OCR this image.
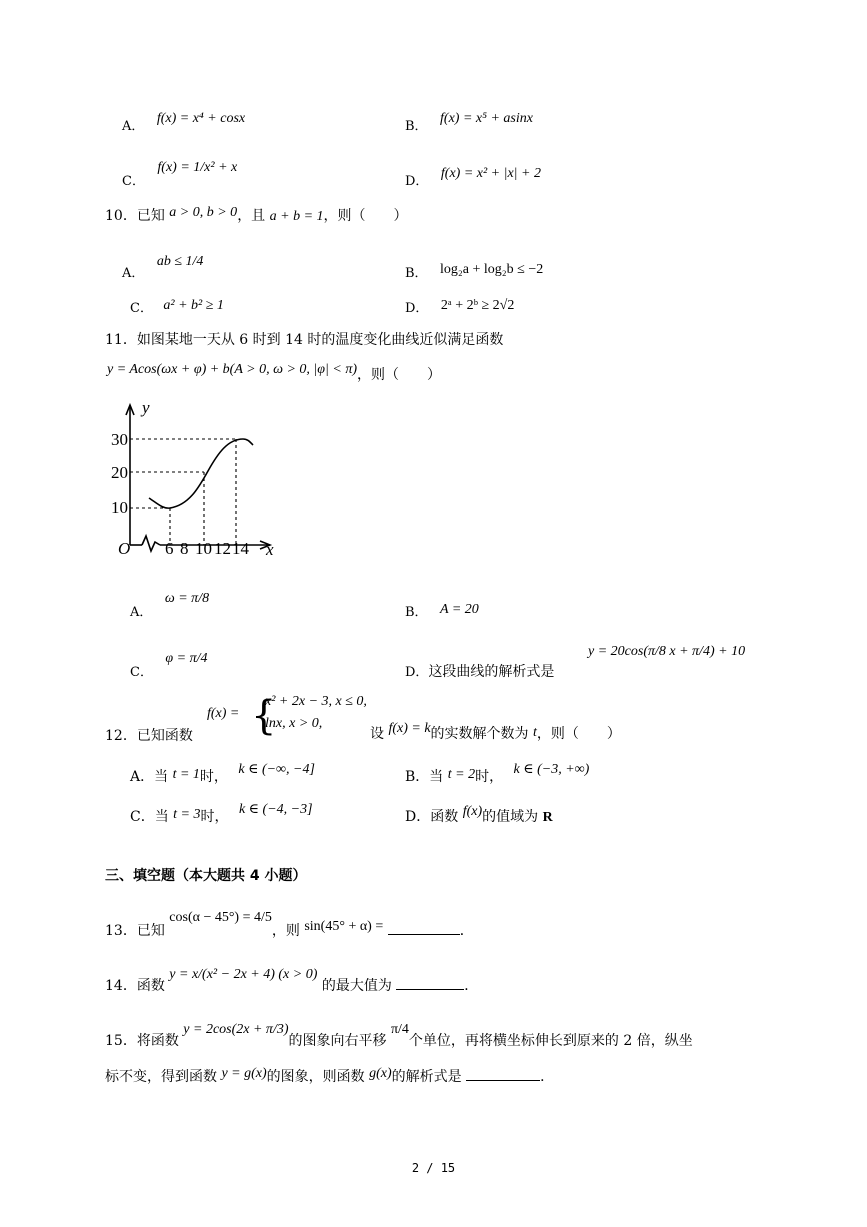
A． f(x) = x⁴ + cosx
B． f(x) = x⁵ + asinx
C． f(x) = 1/x² + x
D． f(x) = x² + |x| + 2
10．已知 a > 0, b > 0，且 a + b = 1，则（　　）
A． ab ≤ 1/4
B． log₂a + log₂b ≤ −2
C． a² + b² ≥ 1	D． 2ᵃ + 2ᵇ ≥ 2√2
11．如图某地一天从 6 时到 14 时的温度变化曲线近似满足函数
y = Acos(ωx + φ) + b(A > 0, ω > 0, |φ| < π)，则（　　）
y
x
O
10
20
30
6 8 10 12 14
A． ω = π/8
B． A = 20
C． φ = π/4
D．这段曲线的解析式是
y = 20cos(π/8 x + π/4) + 10
12．已知函数
f(x) = {
x² + 2x − 3, x ≤ 0,
lnx, x > 0,
设 f(x) = k的实数解个数为 t，则（　　）
A．当 t = 1时， k ∈ (−∞, −4]	B．当 t = 2时， k ∈ (−3, +∞)
C．当 t = 3时， k ∈ (−4, −3]	D．函数 f(x)的值域为 R
三、填空题（本大题共 4 小题）
13．已知 cos(α − 45°) = 4/5，则 sin(45° + α) =	．
14．函数 y = x/(x² − 2x + 4) (x > 0) 的最大值为	．
15．将函数 y = 2cos(2x + π/3)的图象向右平移 π/4个单位，再将横坐标伸长到原来的 2 倍，纵坐
标不变，得到函数 y = g(x)的图象，则函数 g(x)的解析式是	．
2 / 15
